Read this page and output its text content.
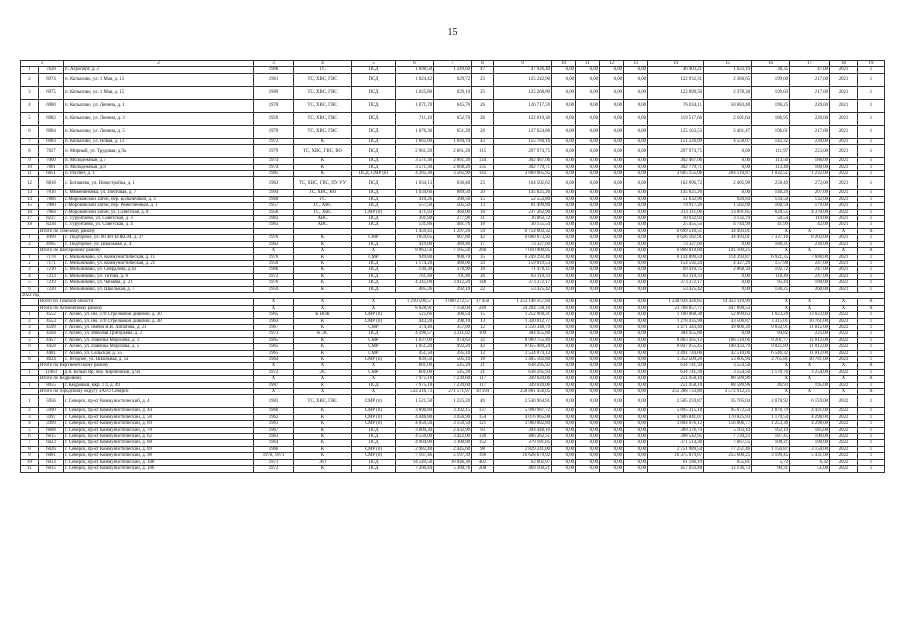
15
1		2	3	4	5	6	7	8	9	10	11	12	13	14	15	16	17	18	19
1	7628	п. Аэропорт, д. 2	1968	ТС	ПСД	1 698,50	1 249,60	47	47 926,40	0,00	0,00	0,00	0,00	46 903,21	1 023,19	38,35	47,00	2021	1
2	6974	п. Копылово, ул. 1 Мая, д. 13	1961	ТС, ХВС, ГВС	ПСД	1 024,42	629,72	25	125 242,96	0,00	0,00	0,00	0,00	122 932,31	2 360,65	199,00	217,00	2021	1
3	6975	п. Копылово, ул. 1 Мая, д. 15	1969	ТС, ХВС, ГВС	ПСД	1 025,80	629,10	25	125 268,80	0,00	0,00	0,00	0,00	122 890,50	2 378,30	199,03	217,00	2021	1
4	6980	п. Копылово, ул. Ленина, д. 1	1970	ТС, ХВС, ГВС	ПСД	1 071,70	645,70	26	126 717,59	0,00	0,00	0,00	0,00	76 034,11	50 683,48	196,25	220,00	2021	1
5	6982	п. Копылово, ул. Ленина, д. 3	1959	ТС, ХВС, ГВС	ПСД	711,10	652,70	26	122 019,30	0,00	0,00	0,00	0,00	119 517,66	2 501,64	186,95	220,00	2021	1
6	6984	п. Копылово, ул. Ленина, д. 5	1970	ТС, ХВС, ГВС	ПСД	1 076,30	651,20	26	127 624,80	0,00	0,00	0,00	0,00	125 163,53	2 461,47	196,01	217,00	2021	1
7	6983	п. Копылово, ул. Новая, д. 12	1972	К	ПСД	1 665,60	1 094,70	43	155 784,16	0,00	0,00	0,00	0,00	151 226,09	4 558,07	142,32	239,00	2021	1
8	7027	п. Мирный, ул. Трудовая, д.9а	1979	ТС, ХВС, ГВС, ВО	ПСД	2 961,20	2 661,20	115	297 974,75	0,00	0,00	0,00	0,00	297 974,75	0,00	111,97	223,00	2021	1
9	7000	п. Молодежный, д.7	1974	К	ПСД	3 571,30	2 661,39	134	302 467,06	0,00	0,00	0,00	0,00	302 467,06	0,00	113,50	186,00	2021	1
10	7001	п. Молодежный, д.8	1974	К	ПСД	3 571,30	2 668,20	135	302 779,71	0,00	0,00	0,00	0,00	302 779,71	0,00	113,48	180,00	2021	1
11	6851	п. Рассвет, д. 1	1985	К	ПСД, СМР (п)	4 205,30	3 565,90	142	3 869 665,95	0,00	0,00	0,00	0,00	3 605 155,06	264 510,87	1 032,51	1 232,00	2022	1
12	6818	с. Богашево, ул. Новостройка, д. 1	1963	ТС, ХВС, ГВС, ПУ УУ	ПСД	1 034,13	636,40	25	164 502,62	0,00	0,00	0,00	0,00	162 096,72	2 405,90	258,49	272,00	2021	1
13	7016	с. Межениновка, ул. Почтовая, д. 7	1994	ТС, ХВС, ВО	ПСД	1 034,60	889,50	39	145 025,26	0,00	0,00	0,00	0,00	145 025,26	0,00	146,29	207,00	2021	1
14	7086	с.Мороковский Затон, пер. Больничный, д. 3	1960	ТС	ПСД	410,26	390,50	15	52 553,80	0,00	0,00	0,00	0,00	51 632,96	920,84	134,50	132,00	2021	1
15	7080	с.Мороковский Затон, пер. Ремесленный, д. 1	1957	ТС, ХВС	ПСД	557,50	505,50	13	81 499,86	0,00	0,00	0,00	0,00	79 917,26	1 582,60	160,59	179,00	2021	1
16	7084	с.Мороковский Затон, ул. Советская, д. 8	1958	ТС, ХВС	СМР (п)	471,93	460,00	18	237 262,96	0,00	0,00	0,00	0,00	213 311,06	13 891,85	628,55	4 370,00	2022	1
17	8237	с. Турунтаево, ул. Советская, д. 3	1963	ХВС	ПСД	391,90	277,90	11	16 063,72	0,00	0,00	0,00	0,00	10 932,93	3 132,79	50,54	119,00	2021	1
18	8238	с. Турунтаево, ул. Советская, д. 4	1963	ХВС	ПСД	531,86	481,76	18	30 155,54	0,00	0,00	0,00	0,00	25 455,55	4 744,99	41,99	42,00	2021	1
	Итого по Томскому району					1 459,43	1 297,20	59	6 754 003,32	0,00	0,00	0,00	0,00	6 699 510,51	34 493,01	X	X	X	X
1	4999	с. Подгорное, ул. 60 лет ВЛКСМ, д. 27	1976	К	СМР	1059,65	907,80	42	6 660 673,92	0,00	0,00	0,00	0,00	6 626 182,91	34 493,01	7 337,16	8 203,00	2021	1
2	4995	с. Подгорное, ул. Школьная, д. 4	1962	К	ПСД	419,80	389,40	17	73 327,60	0,00	0,00	0,00	0,00	73 327,60	0,00	188,31	230,00	2021	1
	Итого по Шегарскому району		X	X	X	8 063,56	7 165,56	280	7 010 000,05	0,00	0,00	0,00	0,00	6 868 810,80	141 189,25	X	X	X	X
1	7178	с. Мельниково, ул. Коммунистическая, д. 11	1970	К	СМР	949,80	908,70	35	6 249 293,46	0,00	0,00	0,00	0,00	6 134 899,59	114 393,87	6 921,35	7 688,00	2021	1
2	7171	с. Мельниково, ул. Коммунистическая, д. 21	1950	К	ПСД	1 174,20	480,00	33	159 019,53	0,00	0,00	0,00	0,00	154 592,24	4 427,29	157,98	247,00	2021	1
3	7210	с. Мельниково, ул. Свердлова, д.62	1960	К	ПСД	130,30	370,90	18	71 479,11	0,00	0,00	0,00	0,00	69 410,75	2 068,39	192,72	247,00	2021	1
4	7213	с. Мельниково, ул. Титова, д. 8	1972	К	ПСД	761,40	701,40	26	83 110,33	0,00	0,00	0,00	0,00	83 110,33	0,00	118,49	247,00	2021	1
5	7219	с. Мельниково, ул. Чапаева, д. 21	1976	К	ПСД	4 345,00	3 912,20	148	373 372,17	0,00	0,00	0,00	0,00	373 372,17	0,00	95,44	180,00	2021	1
6	7220	с. Мельниково, ул. Школьная, д. 7	1959	К	ПСД	405,26	392,10	22	53 425,42	0,00	0,00	0,00	0,00	53 425,42	0,00	136,25	260,00	2021	1
2022 год																			
	Всего по Томской области		X	X	X	1 210 596,57	1 008 272,57	37 458	1 253 146 357,84	0,00	0,00	0,00	0,00	1 238 924 426,85	14 422 110,99	X	X	X	X
	Итого по Асиновскому району		X	X	X	8 828,91	7 158,04	246	24 294 728,10	0,00	0,00	0,00	0,00	23 788 857,77	447 890,53	X	X	X	X
1	4552	г. Асино, ул. им. 370 Стрелковой дивизии, д. 30	1965	К НОК	СМР (п)	525,66	306,54	15	1 252 968,31	0,00	0,00	0,00	0,00	1 180 068,38	52 899,63	1 023,20	13 623,00	2022	1
2	4553	г. Асино, ул. им. 370 Стрелковой дивизии, д. 40	1963	К	СМР (п)	443,28	398,10	13	1 320 012,77	0,00	0,00	0,00	0,00	1 278 435,90	43 506,87	3 315,01	10 761,00	2023	1
3	4599	г. Асино, ул. имени В.В. Липатова, д. 21	1967	К	СМР	374,40	357,00	12	3 510 348,79	0,00	0,00	0,00	0,00	3 471 343,40	39 006,39	9 832,91	11 012,00	2022	1
4	4564	г. Асино, ул. Николая Григорьева, д. 2	1973	К ЭС	ПСД	4 296,57	3 211,02	109	304 455,80	0,00	0,00	0,00	0,00	304 455,80	0,00	94,82	225,00	2022	1
5	4457	г. Асино, ул. Павлика Морозова, д. 3	1965	К	СМР	1 037,09	974,63	32	8 969 755,49	0,00	0,00	0,00	0,00	8 863 305,12	106 510,66	9 201,77	11 012,00	2022	1
6	4458	г. Асино, ул. Павлика Морозова, д. 5	1965	К	СМР	1 051,20	992,20	42	8 955 489,24	0,00	0,00	0,00	0,00	8 847 055,45	108 433,79	9 025,89	11 012,00	2022	1
7	4481	г. Асино, ул. Сельская, д. 55	1965	К	СМР	451,50	395,10	12	2 534 074,13	0,00	0,00	0,00	0,00	2 491 744,06	42 510,06	6 546,32	11 012,00	2022	1
8	4624	с. Ягодное, ул. Школьная, д. 1а	1964	К	СМР (п)	839,50	505,10	18	1 405 182,80	0,00	0,00	0,00	0,00	1 352 509,26	53 605,94	2 765,81	10 781,00	2023	1
	Итого по Верхнекетскому району		X	X	X	601,00	545,20	21	638 295,93	0,00	0,00	0,00	0,00	634 741,39	3 554,56	X	X	X	X
1	11003	р.п. Белый Яр, пер. Кирпичный, д.9а	1972	ЭС	СМР	601,00	545,20	21	638 295,93	0,00	0,00	0,00	0,00	634 741,39	3 554,56	1 170,76	3 254,00	2022	1
	Итого по Кедровому		X	X	X	7 975,18	7 239,60	117	349 020,06	0,00	0,00	0,00	0,00	251 458,10	88 589,96	X	X	X	X
1	8055	г. Кедровый, мкр. 1 4, д. 49	1987	К	ПСД	7 975,18	7 239,60	117	349 020,06	0,00	0,00	0,00	0,00	251 458,10	88 589,96	46,93	195,00	2022	1
	Итого по городскому округу ЗАТО Северск		X	X	X	532 216,73	271 571,97	10 194	258 881 456,05	0,00	0,00	0,00	0,00	255 308 733,80	3 572 912,25	X	X	X	X
1	5956	г. Северск, пр-кт Коммунистический, д. 4	1983	ТС, ХВС, ГВС	СМР (п)	1 521,50	1 225,20	46	2 540 964,91	0,00	0,00	0,00	0,00	2 505 259,87	35 705,04	2 078,92	6 159,00	2022	1
2	5990	г. Северск, пр-кт Коммунистический, д. 44	1960	К	СМР (п)	3 890,80	3 392,15	137	5 990 987,72	0,00	0,00	0,00	0,00	5 895 315,18	95 672,54	1 876,79	4 431,00	2022	1
3	5997	г. Северск, пр-кт Коммунистический, д. 58	1962	К	СМР (п)	4 446,80	3 456,90	154	4 076 965,90	0,00	0,00	0,00	0,00	3 906 841,07	170 025,93	1 179,54	4 298,00	2022	1
4	5999	г. Северск, пр-кт Коммунистический, д. 69	1961	К	СМР (п)	4 050,50	3 159,50	121	3 960 082,89	0,00	0,00	0,00	0,00	3 804 076,12	156 006,77	1 253,36	4 298,00	2022	1
5	6008	г. Северск, пр-кт Коммунистический, д. 70	1967	К	ПСД	3 009,30	2 432,90	93	394 440,16	0,00	0,00	0,00	0,00	389 276,74	5 163,44	162,19	185,00	2022	1
6	6015	г. Северск, пр-кт Коммунистический, д. 62	1963	К	ПСД	4 550,00	3 422,00	136	406 262,51	0,00	0,00	0,00	0,00	398 542,95	7 720,23	187,45	190,00	2022	1
7	6023	г. Северск, пр-кт Коммунистический, д. 88	1964	К	ПСД	4 904,00	3 300,00	152	379 181,85	0,00	0,00	0,00	0,00	371 514,30	7 667,55	108,21	190,00	2022	1
8	6026	г. Северск, пр-кт Коммунистический, д. 89	1966	К	СМР (п)	2 982,40	2 445,60	98	2 829 241,00	0,00	0,00	0,00	0,00	2 751 989,54	77 251,46	1 156,87	3 158,00	2022	1
9	6081	г. Северск, пр-кт Коммунистический, д. 98	1970, 1971	К	СМР (п)	7 107,46	5 197,39	196	16 628 679,92	0,00	0,00	0,00	0,00	16 375 079,67	255 600,25	3 199,45	5 431,00	2022	1
10	6033	г. Северск, пр-кт Коммунистический, д. 100	1971	ЛО	ПСД	14 549,58	10 846,30	402	62 002,07	0,00	0,00	0,00	0,00	61 146,19	855,81	5,72	6,32	2022	1
11	6035	г. Северск, пр-кт Коммунистический, д. 106	1972	К	ПСД	7 200,44	5 300,76	208	469 169,21	0,00	0,00	0,00	0,00	457 033,48	12 136,73	90,31	51,00	2022	1
